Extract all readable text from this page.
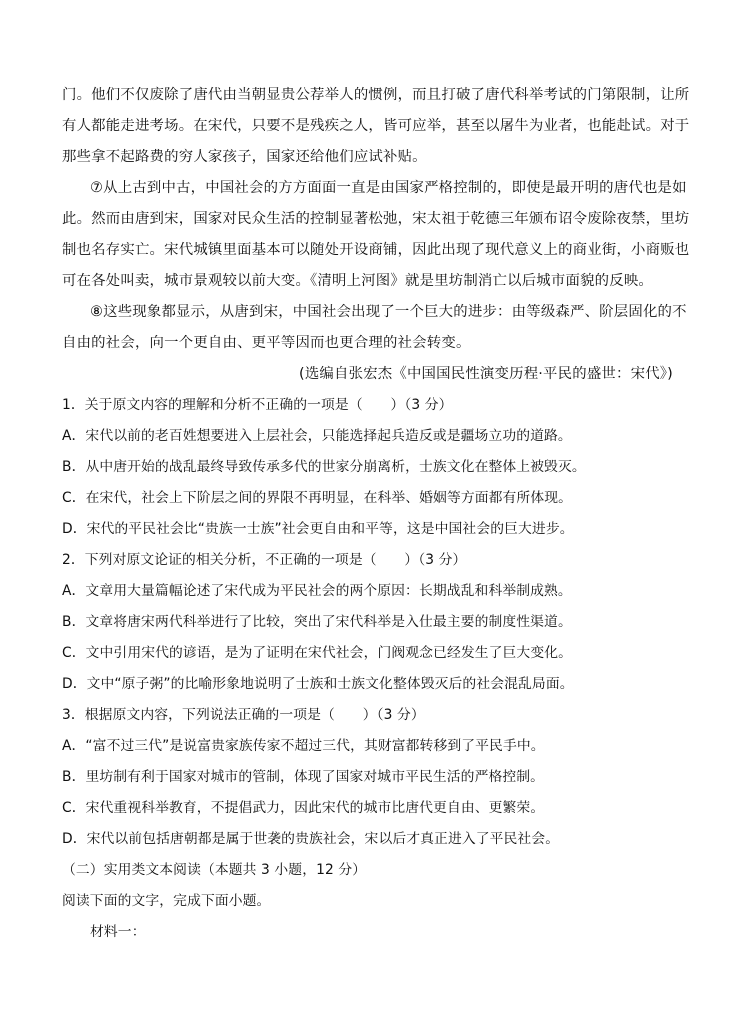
门。他们不仅废除了唐代由当朝显贵公荐举人的惯例，而且打破了唐代科举考试的门第限制，让所
有人都能走进考场。在宋代，只要不是残疾之人，皆可应举，甚至以屠牛为业者，也能赴试。对于
那些拿不起路费的穷人家孩子，国家还给他们应试补贴。
⑦从上古到中古，中国社会的方方面面一直是由国家严格控制的，即使是最开明的唐代也是如
此。然而由唐到宋，国家对民众生活的控制显著松弛，宋太祖于乾德三年颁布诏令废除夜禁，里坊
制也名存实亡。宋代城镇里面基本可以随处开设商铺，因此出现了现代意义上的商业街，小商贩也
可在各处叫卖，城市景观较以前大变。《清明上河图》就是里坊制消亡以后城市面貌的反映。
⑧这些现象都显示，从唐到宋，中国社会出现了一个巨大的进步：由等级森严、阶层固化的不
自由的社会，向一个更自由、更平等因而也更合理的社会转变。
(选编自张宏杰《中国国民性演变历程·平民的盛世：宋代》)
1．关于原文内容的理解和分析不正确的一项是（　　）（3 分）
A．宋代以前的老百姓想要进入上层社会，只能选择起兵造反或是疆场立功的道路。
B．从中唐开始的战乱最终导致传承多代的世家分崩离析，士族文化在整体上被毁灭。
C．在宋代，社会上下阶层之间的界限不再明显，在科举、婚姻等方面都有所体现。
D．宋代的平民社会比“贵族一士族”社会更自由和平等，这是中国社会的巨大进步。
2．下列对原文论证的相关分析，不正确的一项是（　　）（3 分）
A．文章用大量篇幅论述了宋代成为平民社会的两个原因：长期战乱和科举制成熟。
B．文章将唐宋两代科举进行了比较，突出了宋代科举是入仕最主要的制度性渠道。
C．文中引用宋代的谚语，是为了证明在宋代社会，门阀观念已经发生了巨大变化。
D．文中“原子粥”的比喻形象地说明了士族和士族文化整体毁灭后的社会混乱局面。
3．根据原文内容，下列说法正确的一项是（　　）（3 分）
A．“富不过三代”是说富贵家族传家不超过三代，其财富都转移到了平民手中。
B．里坊制有利于国家对城市的管制，体现了国家对城市平民生活的严格控制。
C．宋代重视科举教育，不提倡武力，因此宋代的城市比唐代更自由、更繁荣。
D．宋代以前包括唐朝都是属于世袭的贵族社会，宋以后才真正进入了平民社会。
（二）实用类文本阅读（本题共 3 小题，12 分）
阅读下面的文字，完成下面小题。
材料一：
